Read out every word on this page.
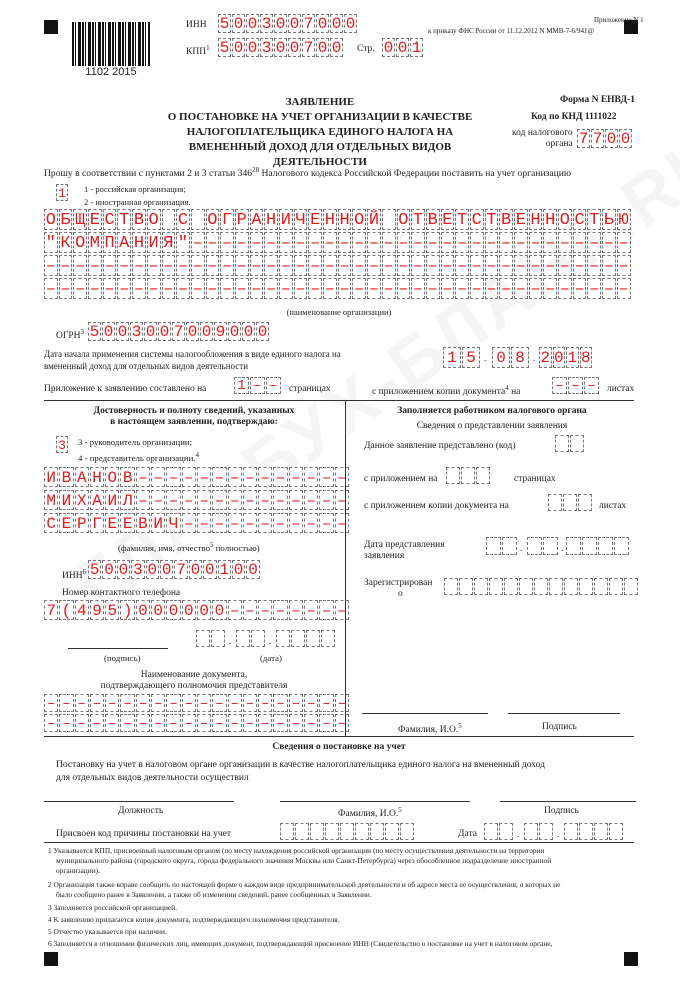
1102 2015
ИНН 5 0 0 3 0 0 7 0 0 0
КПП$^1$ 5 0 0 3 0 0 7 0 0 Стр. 0 0 1
Приложение N 1
к приказу ФНС России от 11.12.2012 N ММВ-7-6/941@
ЗАЯВЛЕНИЕ
О ПОСТАНОВКЕ НА УЧЕТ ОРГАНИЗАЦИИ В КАЧЕСТВЕ
НАЛОГОПЛАТЕЛЬЩИКА ЕДИНОГО НАЛОГА НА
ВМЕНЕННЫЙ ДОХОД ДЛЯ ОТДЕЛЬНЫХ ВИДОВ ДЕЯТЕЛЬНОСТИ
Форма N ЕНВД-1
Код по КНД 1111022
код налогового
органа 7 7 0 0
Прошу в соответствии с пунктами 2 и 3 статьи $346^{28}$ Налогового кодекса Российской Федерации поставить на учет организацию
1 1 - российская организация;
2 - иностранная организация.
О Б Щ Е С Т В О С О Г Р А Н И Ч Е Н Н О Й О Т В Е Т С Т В Е Н Н О С Т Ь Ю
" К О М П А Н И Я " – – – – – – – – – – – – – – – – – – – – – – – – – – – – – –
– – – – – – – – – – – – – – – – – – – – – – – – – – – – – – – – – – – – – – – –
– – – – – – – – – – – – – – – – – – – – – – – – – – – – – – – – – – – – – – – –
(наименование организации)
ОГРН$^3$ 5 0 0 3 0 0 7 0 0 9 0 0 0
Дата начала применения системы налогообложения в виде единого налога на
вмененный доход для отдельных видов деятельности	1 5 . 0 8 . 2 0 1 8
Приложение к заявлению составлено на 1 – –	страницах	с приложением копии документа$^4$ на – – –	листах
Достоверность и полноту сведений, указанных
в настоящем заявлении, подтверждаю:
3 3 - руководитель организации;
4 - представитель организации.$^4$
И В А Н О В – – – – – – – – – – – – – –
М И Х А И Л – – – – – – – – – – – – – –
С Е Р Г Е Е В И Ч – – – – – – – – – – –
(фамилия, имя, отчество$^5$ полностью)
ИНН$^6$ 5 0 0 3 0 0 7 0 0 1 0 0
Номер контактного телефона
7 ( 4 9 5 ) 0 0 0 0 0 0 – – – – – – – –
.	.
(подпись)	(дата)
Наименование документа,
подтверждающего полномочия представителя
– – – – – – – – – – – – – – – – – – – –
– – – – – – – – – – – – – – – – – – – –
Заполняется работником налогового органа
Сведения о представлении заявления
Данное заявление представлено (код)
с приложением на	страницах
с приложением копии документа на	листах
Дата представления
заявления
.	.
Зарегистрирован
о
Фамилия, И.О.$^5$	Подпись
Сведения о постановке на учет
Постановку на учет в налоговом органе организации в качестве налогоплательщика единого налога на вмененный доход
для отдельных видов деятельности осуществил
Должность	Фамилия, И.О.$^5$	Подпись
Присвоен код причины постановки на учет	Дата	.	.
1 Указывается КПП, присвоенный налоговым органом (по месту нахождения российской организации (по месту осуществления деятельности на территории
муниципального района (городского округа, города федерального значения Москвы или Санкт-Петербурга) через обособленное подразделение иностранной
организации).
2 Организация также вправе сообщить по настоящей форме о каждом виде предпринимательской деятельности и об адресе места ее осуществления, о которых не
было сообщено ранее в Заявлении, а также об изменении сведений, ранее сообщенных в Заявлении.
3 Заполняется российской организацией.
4 К заявлению прилагается копия документа, подтверждающего полномочия представителя.
5 Отчество указывается при наличии.
6 Заполняется в отношении физических лиц, имеющих документ, подтверждающий присвоение ИНН (Свидетельство о постановке на учет в налоговом органе,
